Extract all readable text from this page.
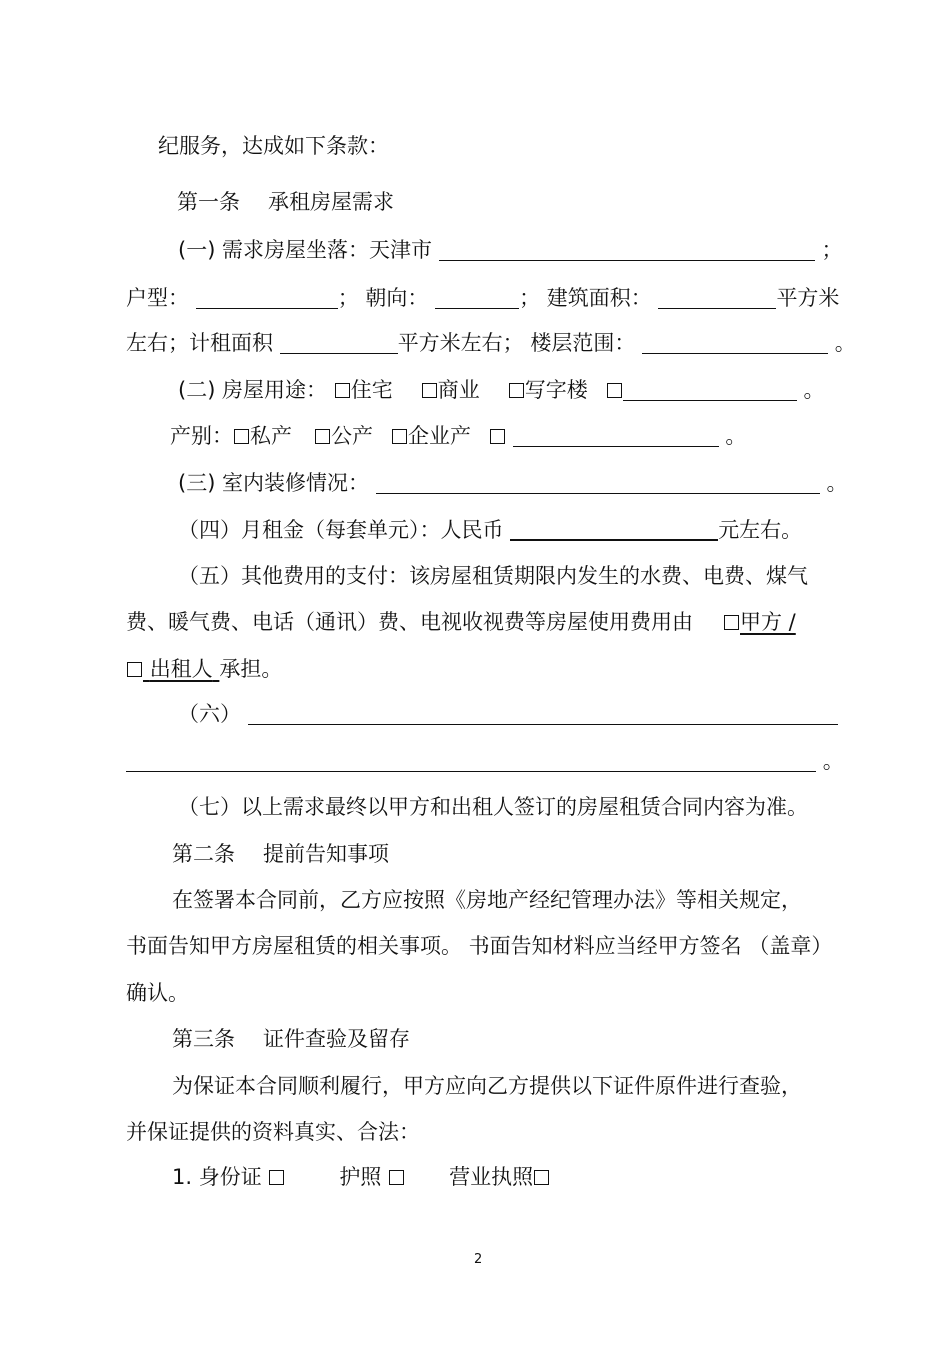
纪服务，达成如下条款：
第一条 承租房屋需求
(一) 需求房屋坐落：天津市	；
户型：	； 朝向：	； 建筑面积：	平方米
左右；计租面积	平方米左右； 楼层范围：	。
(二) 房屋用途： 住宅 商业 写字楼	。
产别： 私产 公产 企业产	。
(三) 室内装修情况：	。
（四）月租金（每套单元）：人民币	元左右。
（五）其他费用的支付：该房屋租赁期限内发生的水费、电费、煤气
费、暖气费、电话（通讯）费、电视收视费等房屋使用费用由 甲方 /
出租人 承担。
（六）
。
（七）以上需求最终以甲方和出租人签订的房屋租赁合同内容为准。
第二条 提前告知事项
在签署本合同前，乙方应按照《房地产经纪管理办法》等相关规定，
书面告知甲方房屋租赁的相关事项。 书面告知材料应当经甲方签名 （盖章）
确认。
第三条 证件查验及留存
为保证本合同顺利履行，甲方应向乙方提供以下证件原件进行查验，
并保证提供的资料真实、合法：
1. 身份证	护照	营业执照
2
